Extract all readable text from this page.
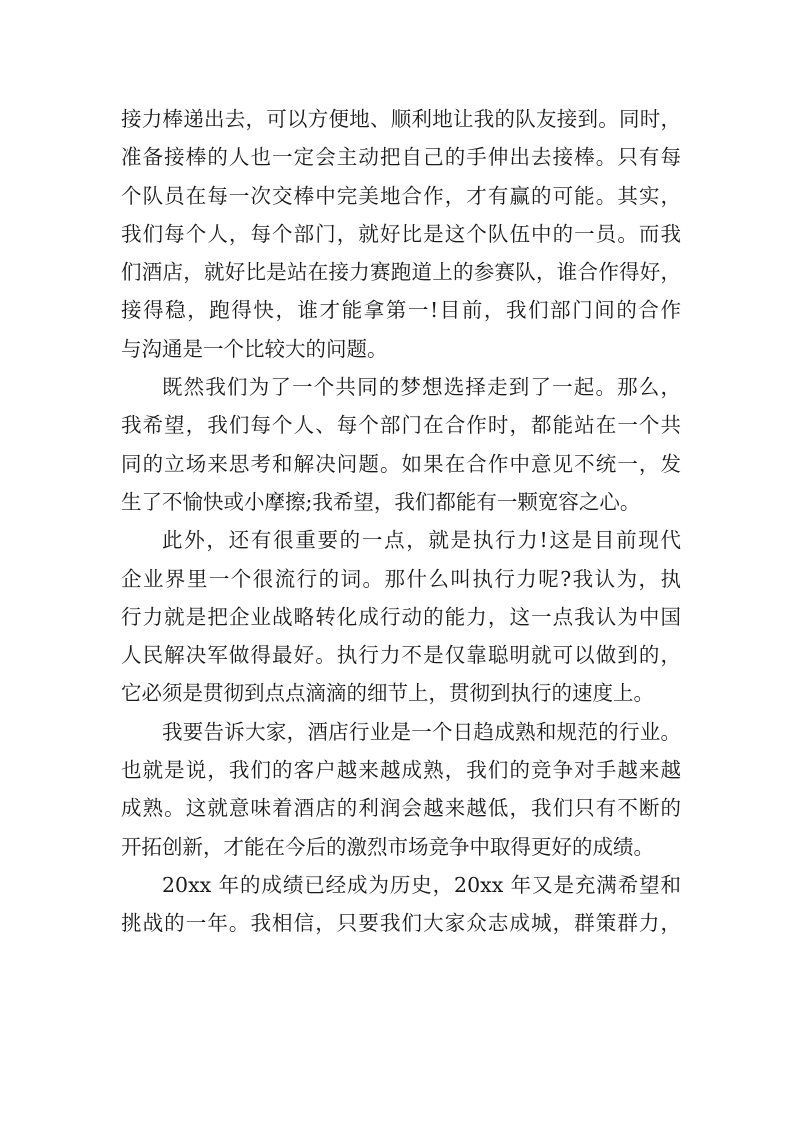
接力棒递出去，可以方便地、顺利地让我的队友接到。同时，
准备接棒的人也一定会主动把自己的手伸出去接棒。只有每
个队员在每一次交棒中完美地合作，才有赢的可能。其实，
我们每个人，每个部门，就好比是这个队伍中的一员。而我
们酒店，就好比是站在接力赛跑道上的参赛队，谁合作得好，
接得稳，跑得快，谁才能拿第一!目前，我们部门间的合作
与沟通是一个比较大的问题。
既然我们为了一个共同的梦想选择走到了一起。那么，
我希望，我们每个人、每个部门在合作时，都能站在一个共
同的立场来思考和解决问题。如果在合作中意见不统一，发
生了不愉快或小摩擦;我希望，我们都能有一颗宽容之心。
此外，还有很重要的一点，就是执行力!这是目前现代
企业界里一个很流行的词。那什么叫执行力呢?我认为，执
行力就是把企业战略转化成行动的能力，这一点我认为中国
人民解决军做得最好。执行力不是仅靠聪明就可以做到的，
它必须是贯彻到点点滴滴的细节上，贯彻到执行的速度上。
我要告诉大家，酒店行业是一个日趋成熟和规范的行业。
也就是说，我们的客户越来越成熟，我们的竞争对手越来越
成熟。这就意味着酒店的利润会越来越低，我们只有不断的
开拓创新，才能在今后的激烈市场竞争中取得更好的成绩。
20xx 年的成绩已经成为历史，20xx 年又是充满希望和
挑战的一年。我相信，只要我们大家众志成城，群策群力，
